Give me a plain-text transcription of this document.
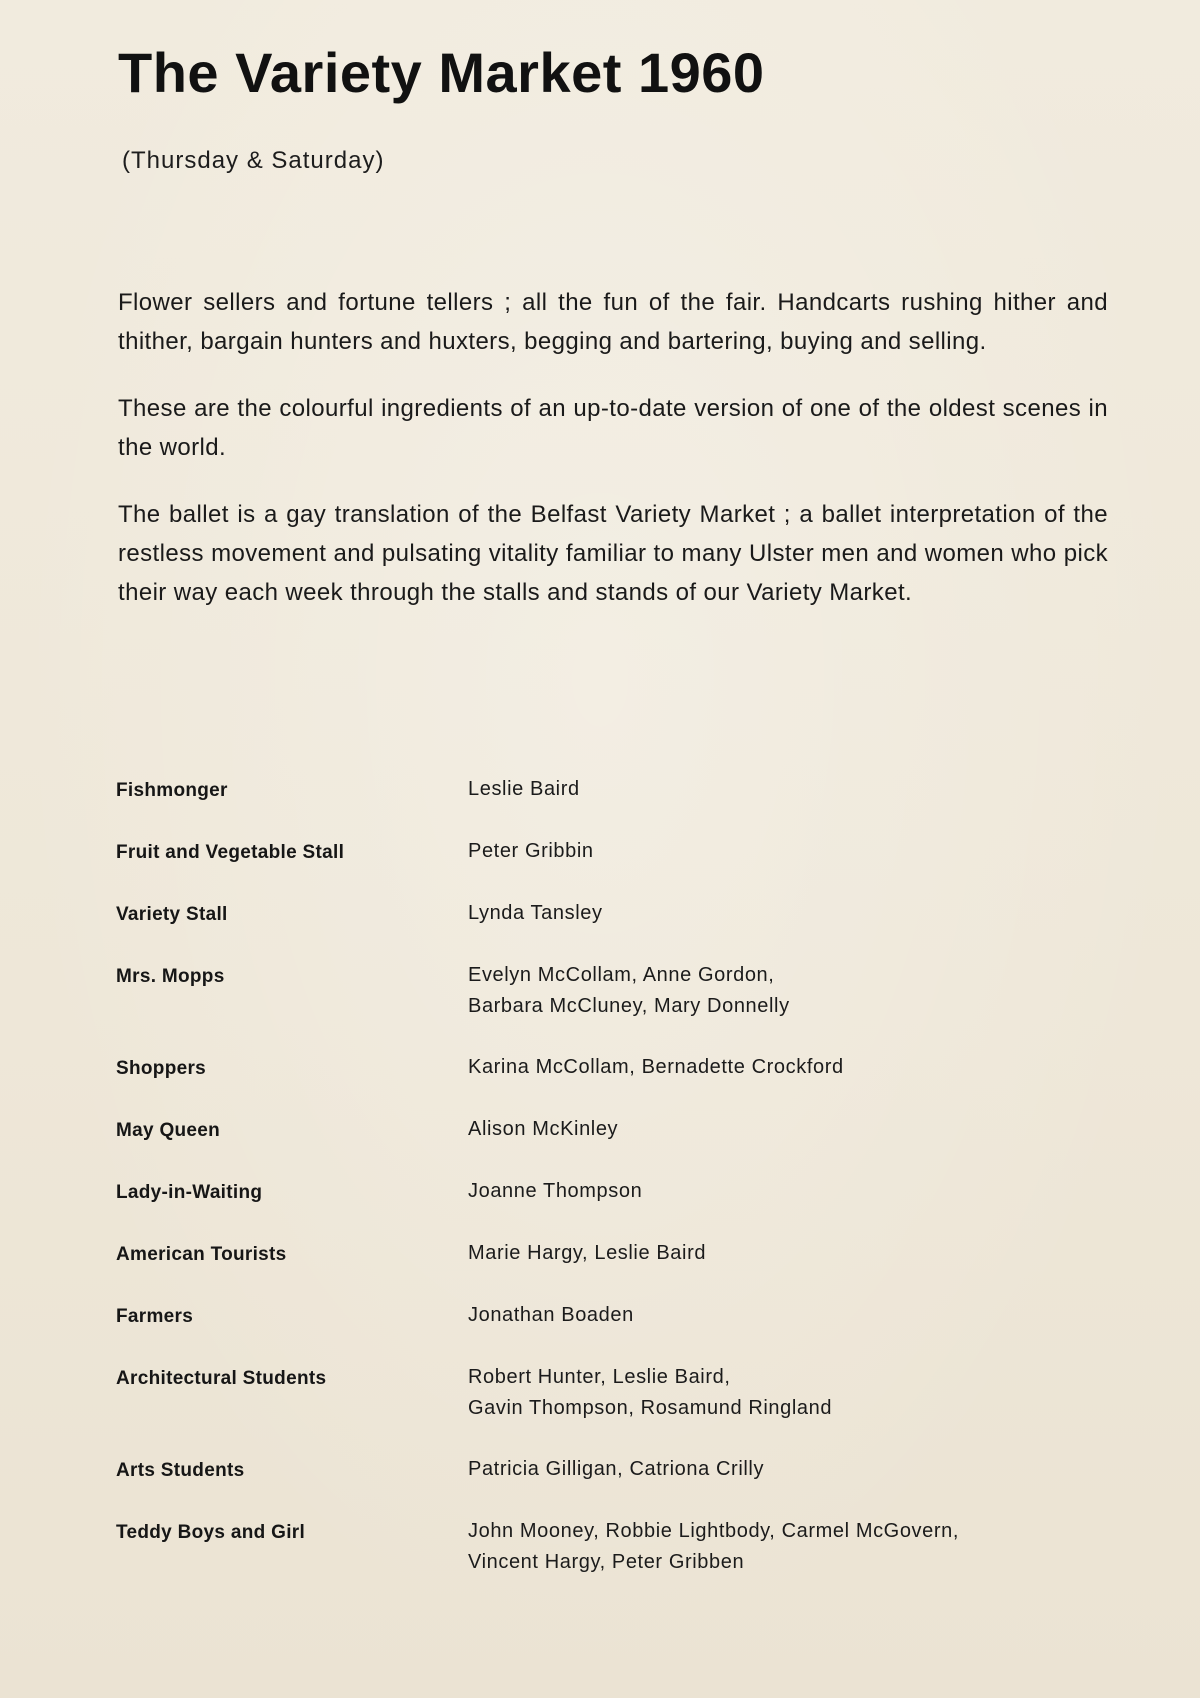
The Variety Market 1960
(Thursday & Saturday)

Flower sellers and fortune tellers ; all the fun of the fair. Handcarts rushing hither and thither, bargain hunters and huxters, begging and bartering, buying and selling.

These are the colourful ingredients of an up-to-date version of one of the oldest scenes in the world.

The ballet is a gay translation of the Belfast Variety Market ; a ballet interpretation of the restless movement and pulsating vitality familiar to many Ulster men and women who pick their way each week through the stalls and stands of our Variety Market.

Fishmonger	Leslie Baird
Fruit and Vegetable Stall	Peter Gribbin
Variety Stall	Lynda Tansley
Mrs. Mopps	Evelyn McCollam, Anne Gordon,
Barbara McCluney, Mary Donnelly
Shoppers	Karina McCollam, Bernadette Crockford
May Queen	Alison McKinley
Lady-in-Waiting	Joanne Thompson
American Tourists	Marie Hargy, Leslie Baird
Farmers	Jonathan Boaden
Architectural Students	Robert Hunter, Leslie Baird,
Gavin Thompson, Rosamund Ringland
Arts Students	Patricia Gilligan, Catriona Crilly
Teddy Boys and Girl	John Mooney, Robbie Lightbody, Carmel McGovern,
Vincent Hargy, Peter Gribben
